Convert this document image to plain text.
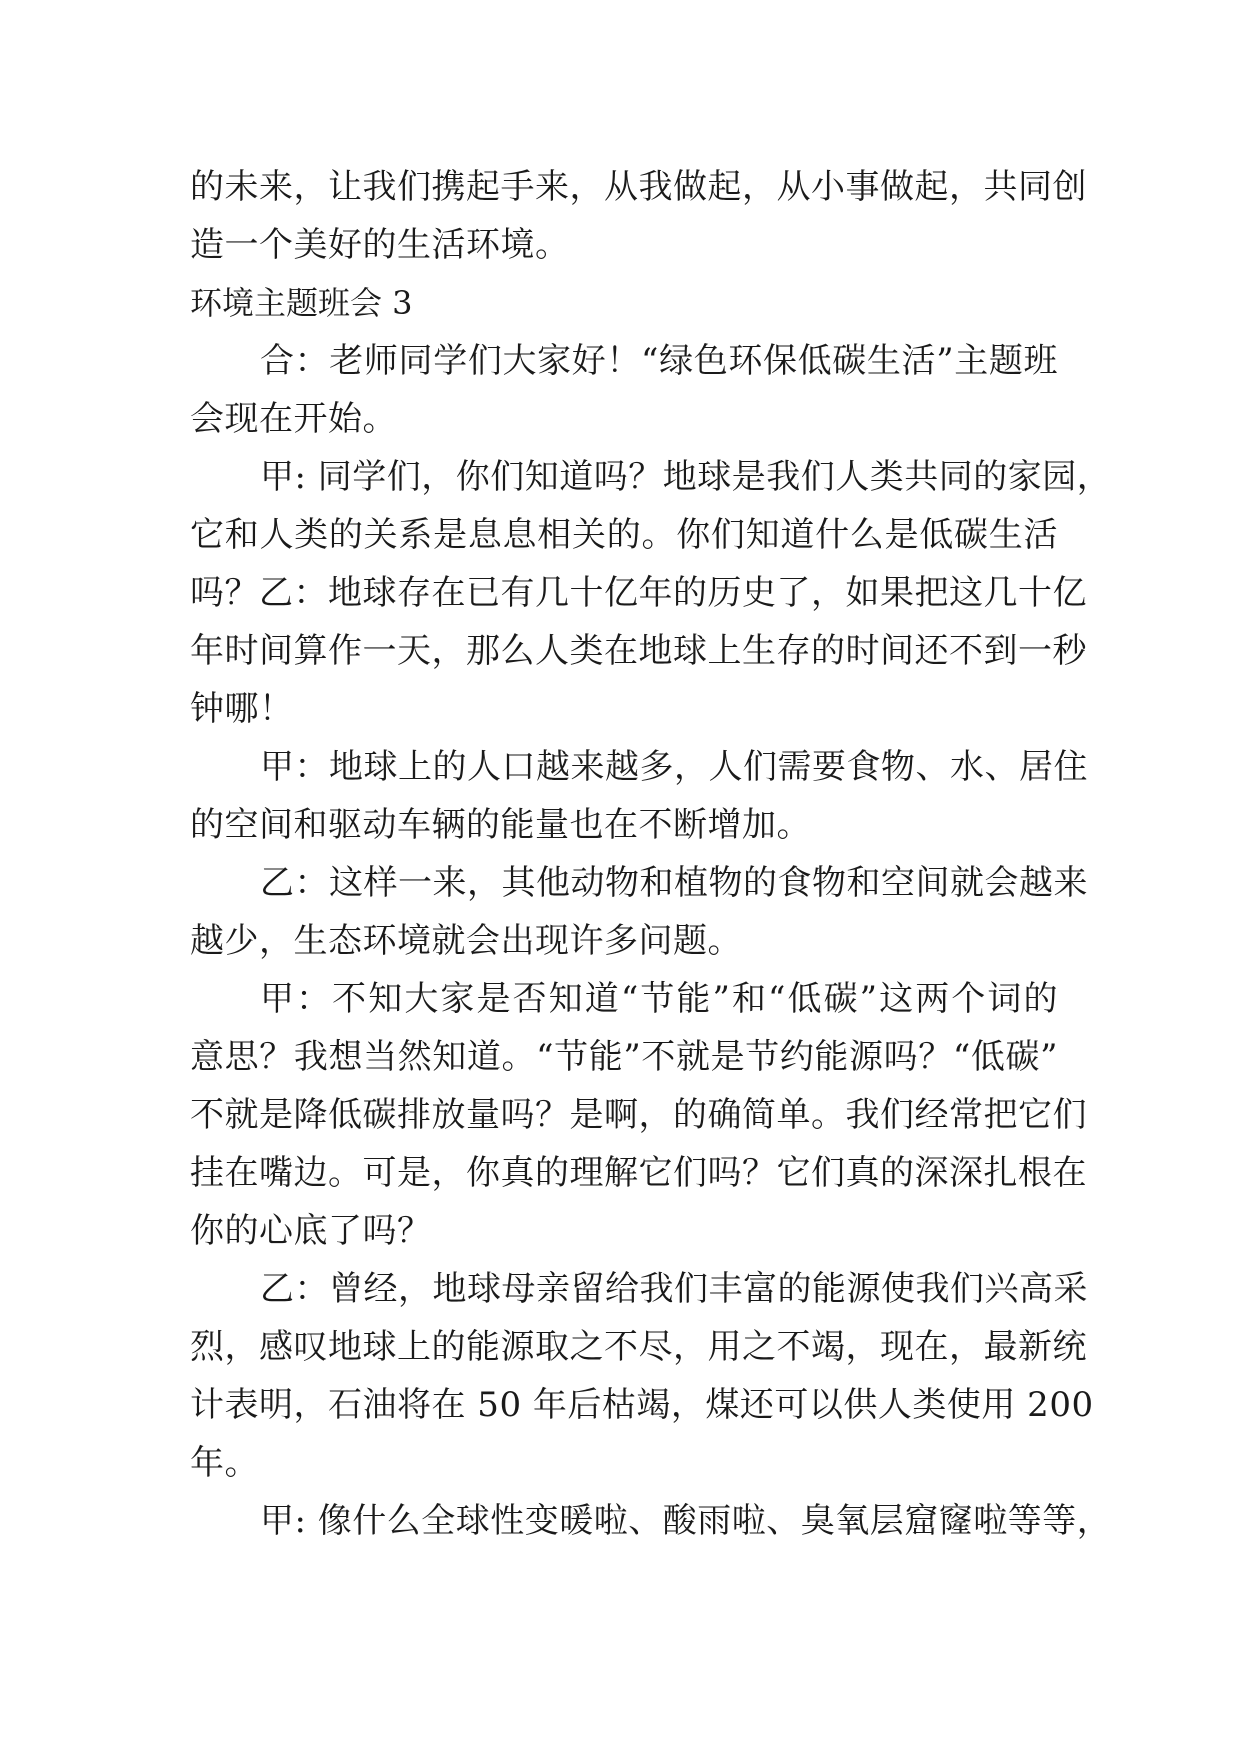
的未来，让我们携起手来，从我做起，从小事做起，共同创
造一个美好的生活环境。
环境主题班会 3
合：老师同学们大家好！“绿色环保低碳生活”主题班
会现在开始。
甲: 同学们，你们知道吗？地球是我们人类共同的家园，
它和人类的关系是息息相关的。你们知道什么是低碳生活
吗？乙：地球存在已有几十亿年的历史了，如果把这几十亿
年时间算作一天，那么人类在地球上生存的时间还不到一秒
钟哪！
甲：地球上的人口越来越多，人们需要食物、水、居住
的空间和驱动车辆的能量也在不断增加。
乙：这样一来，其他动物和植物的食物和空间就会越来
越少，生态环境就会出现许多问题。
甲：不知大家是否知道“节能”和“低碳”这两个词的
意思？我想当然知道。“节能”不就是节约能源吗？“低碳”
不就是降低碳排放量吗？是啊，的确简单。我们经常把它们
挂在嘴边。可是，你真的理解它们吗？它们真的深深扎根在
你的心底了吗？
乙：曾经，地球母亲留给我们丰富的能源使我们兴高采
烈，感叹地球上的能源取之不尽，用之不竭，现在，最新统
计表明，石油将在 50 年后枯竭，煤还可以供人类使用 200
年。
甲: 像什么全球性变暖啦、酸雨啦、臭氧层窟窿啦等等，
